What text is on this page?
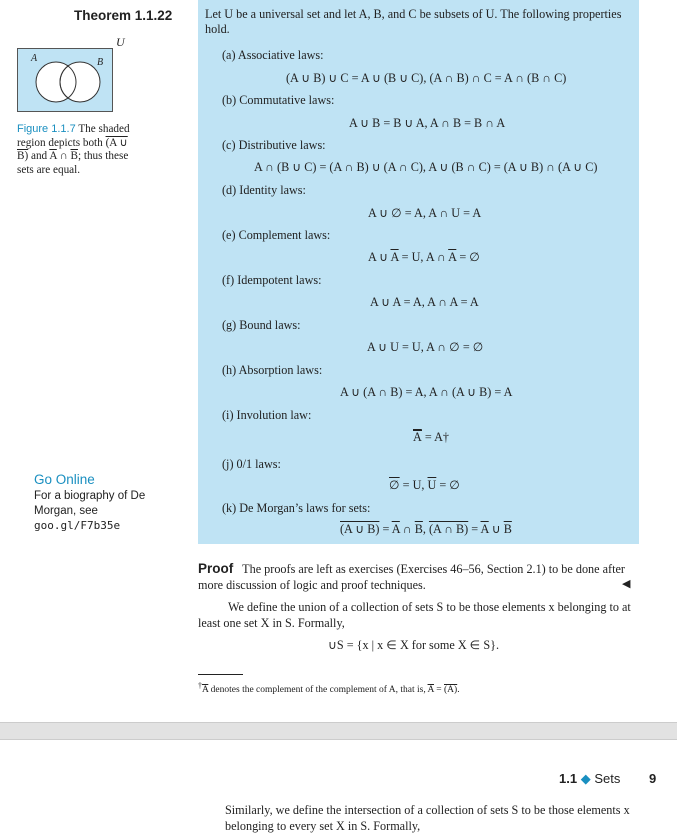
Theorem 1.1.22
U
A	B
Figure 1.1.7 The shaded region depicts both (A ∪ B) and $\overline{A}$ ∩ $\overline{B}$; thus these sets are equal.
Go Online
For a biography of De Morgan, see
goo.gl/F7b35e
Let U be a universal set and let A, B, and C be subsets of U. The following properties hold.
(a) Associative laws:
(A ∪ B) ∪ C = A ∪ (B ∪ C), (A ∩ B) ∩ C = A ∩ (B ∩ C)
(b) Commutative laws:
A ∪ B = B ∪ A, A ∩ B = B ∩ A
(c) Distributive laws:
A ∩ (B ∪ C) = (A ∩ B) ∪ (A ∩ C), A ∪ (B ∩ C) = (A ∪ B) ∩ (A ∪ C)
(d) Identity laws:
A ∪ ∅ = A, A ∩ U = A
(e) Complement laws:
A ∪ $\overline{A} = U$, A ∩ $\overline{A}$ = ∅
(f) Idempotent laws:
A ∪ A = A, A ∩ A = A
(g) Bound laws:
A ∪ U = U, A ∩ ∅ = ∅
(h) Absorption laws:
A ∪ (A ∩ B) = A, A ∩ (A ∪ B) = A
(i) Involution law:
$\overline{A}$ = A†
(j) 0/1 laws:
∅ = U, $\overline{U}$ = ∅
(k) De Morgan’s laws for sets:
(A ∪ $B) = \overline{A}$ ∩ $\overline{B}$, (A ∩ $B) = \overline{A}$ ∪ $\overline{B}$
Proof The proofs are left as exercises (Exercises 46–56, Section 2.1) to be done after more discussion of logic and proof techniques.	◀
We define the union of a collection of sets S to be those elements x belonging to at least one set X in S. Formally,
∪S = {x | x ∈ X for some X ∈ S}.
$^\dagger\overline{A}$ denotes the complement of the complement of A, that is, $\overline{A} = (A)$.
1.1 ◆ Sets 9
Similarly, we define the intersection of a collection of sets S to be those elements x belonging to every set X in S. Formally,
